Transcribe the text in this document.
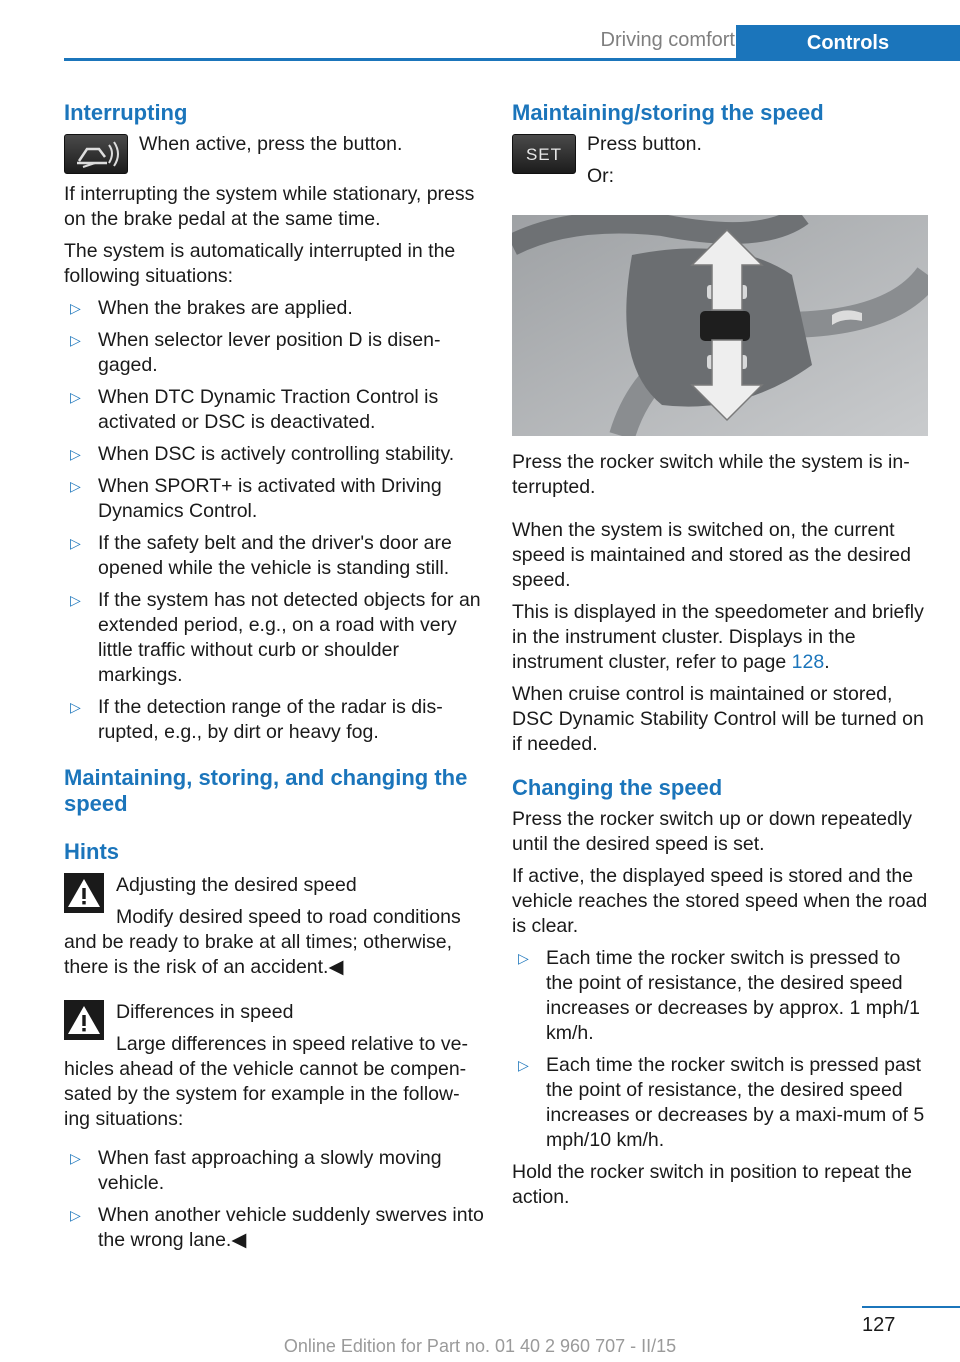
Driving comfort	Controls
Interrupting
When active, press the button.

If interrupting the system while stationary, press on the brake pedal at the same time.

The system is automatically interrupted in the following situations:

▷ When the brakes are applied.
▷ When selector lever position D is disen‐gaged.
▷ When DTC Dynamic Traction Control is activated or DSC is deactivated.
▷ When DSC is actively controlling stability.
▷ When SPORT+ is activated with Driving Dynamics Control.
▷ If the safety belt and the driver's door are opened while the vehicle is standing still.
▷ If the system has not detected objects for an extended period, e.g., on a road with very little traffic without curb or shoulder markings.
▷ If the detection range of the radar is dis‐rupted, e.g., by dirt or heavy fog.
Maintaining, storing, and changing the speed
Hints
Adjusting the desired speed
Modify desired speed to road conditions and be ready to brake at all times; otherwise, there is the risk of an accident.◀
Differences in speed
Large differences in speed relative to ve‐hicles ahead of the vehicle cannot be compen‐sated by the system for example in the follow‐ing situations:
▷ When fast approaching a slowly moving vehicle.
▷ When another vehicle suddenly swerves into the wrong lane.◀
Maintaining/storing the speed
SET	Press button.
Or:

Press the rocker switch while the system is in‐terrupted.

When the system is switched on, the current speed is maintained and stored as the desired speed.

This is displayed in the speedometer and briefly in the instrument cluster. Displays in the instrument cluster, refer to page 128.

When cruise control is maintained or stored, DSC Dynamic Stability Control will be turned on if needed.

Changing the speed

Press the rocker switch up or down repeatedly until the desired speed is set.

If active, the displayed speed is stored and the vehicle reaches the stored speed when the road is clear.

▷ Each time the rocker switch is pressed to the point of resistance, the desired speed increases or decreases by approx. 1 mph/1 km/h.
▷ Each time the rocker switch is pressed past the point of resistance, the desired speed increases or decreases by a maxi‐mum of 5 mph/10 km/h.

Hold the rocker switch in position to repeat the action.

127
Online Edition for Part no. 01 40 2 960 707 - II/15
